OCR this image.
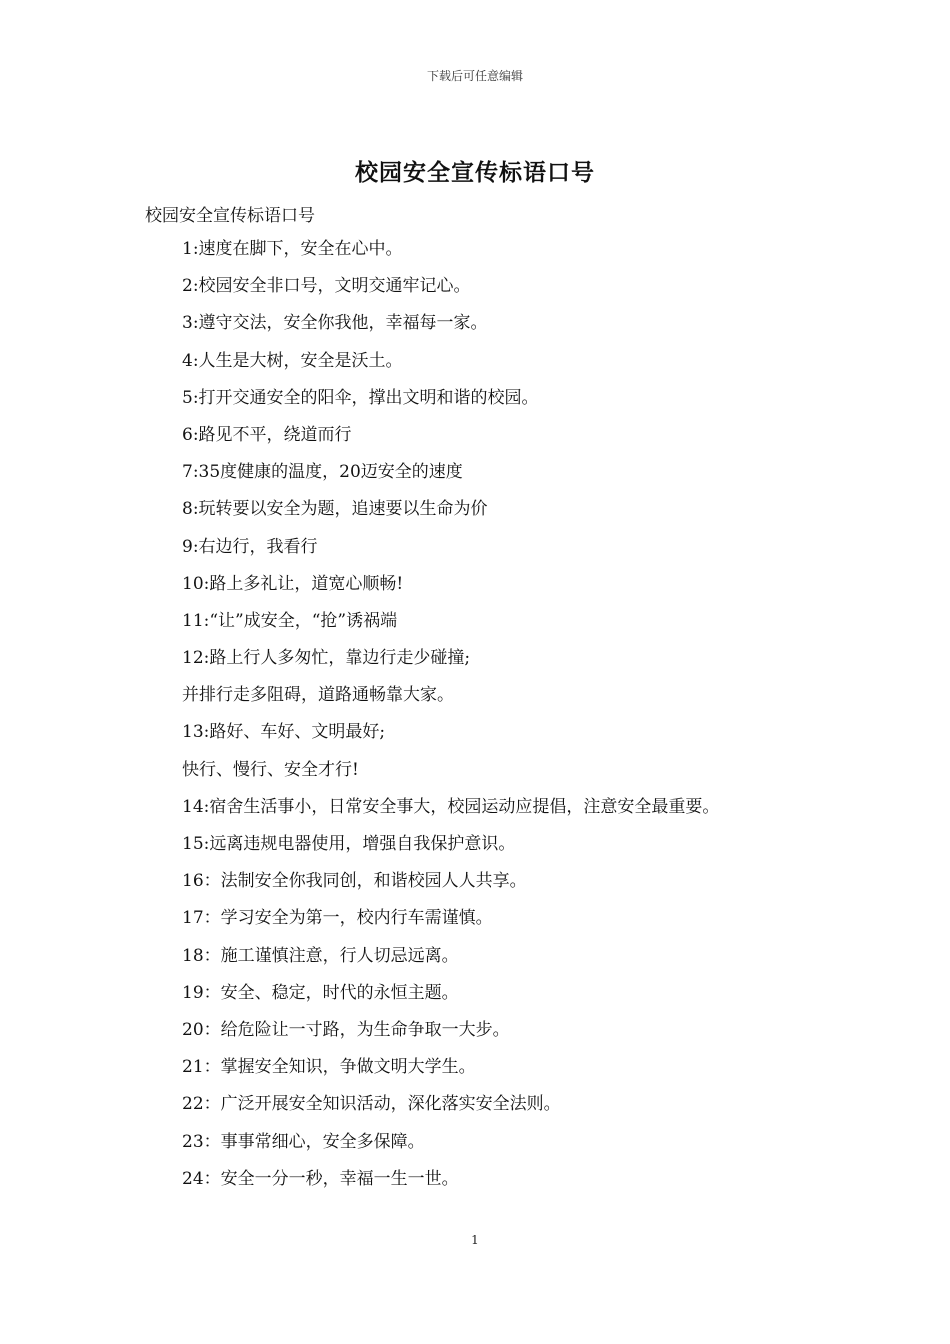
下载后可任意编辑
校园安全宣传标语口号
校园安全宣传标语口号
1:速度在脚下，安全在心中。
2:校园安全非口号，文明交通牢记心。
3:遵守交法，安全你我他，幸福每一家。
4:人生是大树，安全是沃土。
5:打开交通安全的阳伞，撑出文明和谐的校园。
6:路见不平，绕道而行
7:35度健康的温度，20迈安全的速度
8:玩转要以安全为题，追速要以生命为价
9:右边行，我看行
10:路上多礼让，道宽心顺畅!
11:“让”成安全，“抢”诱祸端
12:路上行人多匆忙，靠边行走少碰撞;
并排行走多阻碍，道路通畅靠大家。
13:路好、车好、文明最好;
快行、慢行、安全才行!
14:宿舍生活事小，日常安全事大，校园运动应提倡，注意安全最重要。
15:远离违规电器使用，增强自我保护意识。
16：法制安全你我同创，和谐校园人人共享。
17：学习安全为第一，校内行车需谨慎。
18：施工谨慎注意，行人切忌远离。
19：安全、稳定，时代的永恒主题。
20：给危险让一寸路，为生命争取一大步。
21：掌握安全知识，争做文明大学生。
22：广泛开展安全知识活动，深化落实安全法则。
23：事事常细心，安全多保障。
24：安全一分一秒，幸福一生一世。
1
